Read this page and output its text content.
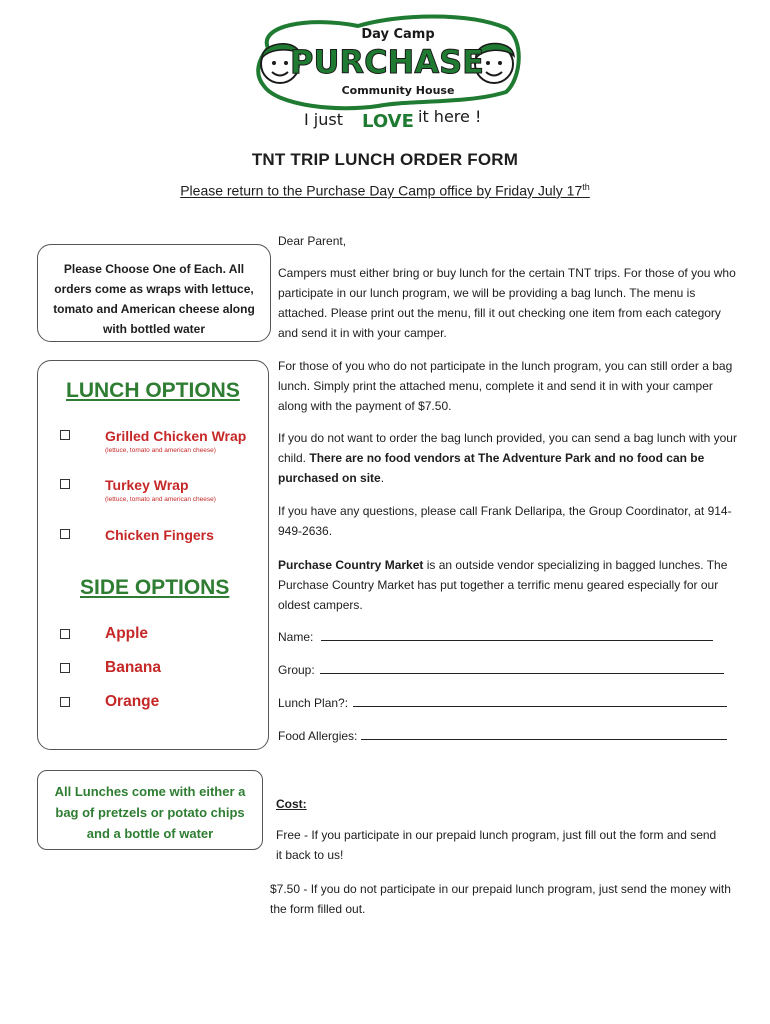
Day Camp
PURCHASE
Community House
I just LOVE it here !
TNT TRIP LUNCH ORDER FORM
Please return to the Purchase Day Camp office by Friday July 17th
Please Choose One of Each. All orders come as wraps with lettuce, tomato and American cheese along with bottled water
LUNCH OPTIONS
Grilled Chicken Wrap
(lettuce, tomato and american cheese)
Turkey Wrap
(lettuce, tomato and american cheese)
Chicken Fingers
SIDE OPTIONS
Apple
Banana
Orange
All Lunches come with either a bag of pretzels or potato chips and a bottle of water
Dear Parent,
Campers must either bring or buy lunch for the certain TNT trips. For those of you who participate in our lunch program, we will be providing a bag lunch. The menu is attached. Please print out the menu, fill it out checking one item from each category and send it in with your camper.
For those of you who do not participate in the lunch program, you can still order a bag lunch. Simply print the attached menu, complete it and send it in with your camper along with the payment of $7.50.
If you do not want to order the bag lunch provided, you can send a bag lunch with your child. There are no food vendors at The Adventure Park and no food can be purchased on site.
If you have any questions, please call Frank Dellaripa, the Group Coordinator, at 914-949-2636.
Purchase Country Market is an outside vendor specializing in bagged lunches. The Purchase Country Market has put together a terrific menu geared especially for our oldest campers.
Name:
Group:
Lunch Plan?:
Food Allergies:
Cost:
Free - If you participate in our prepaid lunch program, just fill out the form and send it back to us!
$7.50 - If you do not participate in our prepaid lunch program, just send the money with the form filled out.
